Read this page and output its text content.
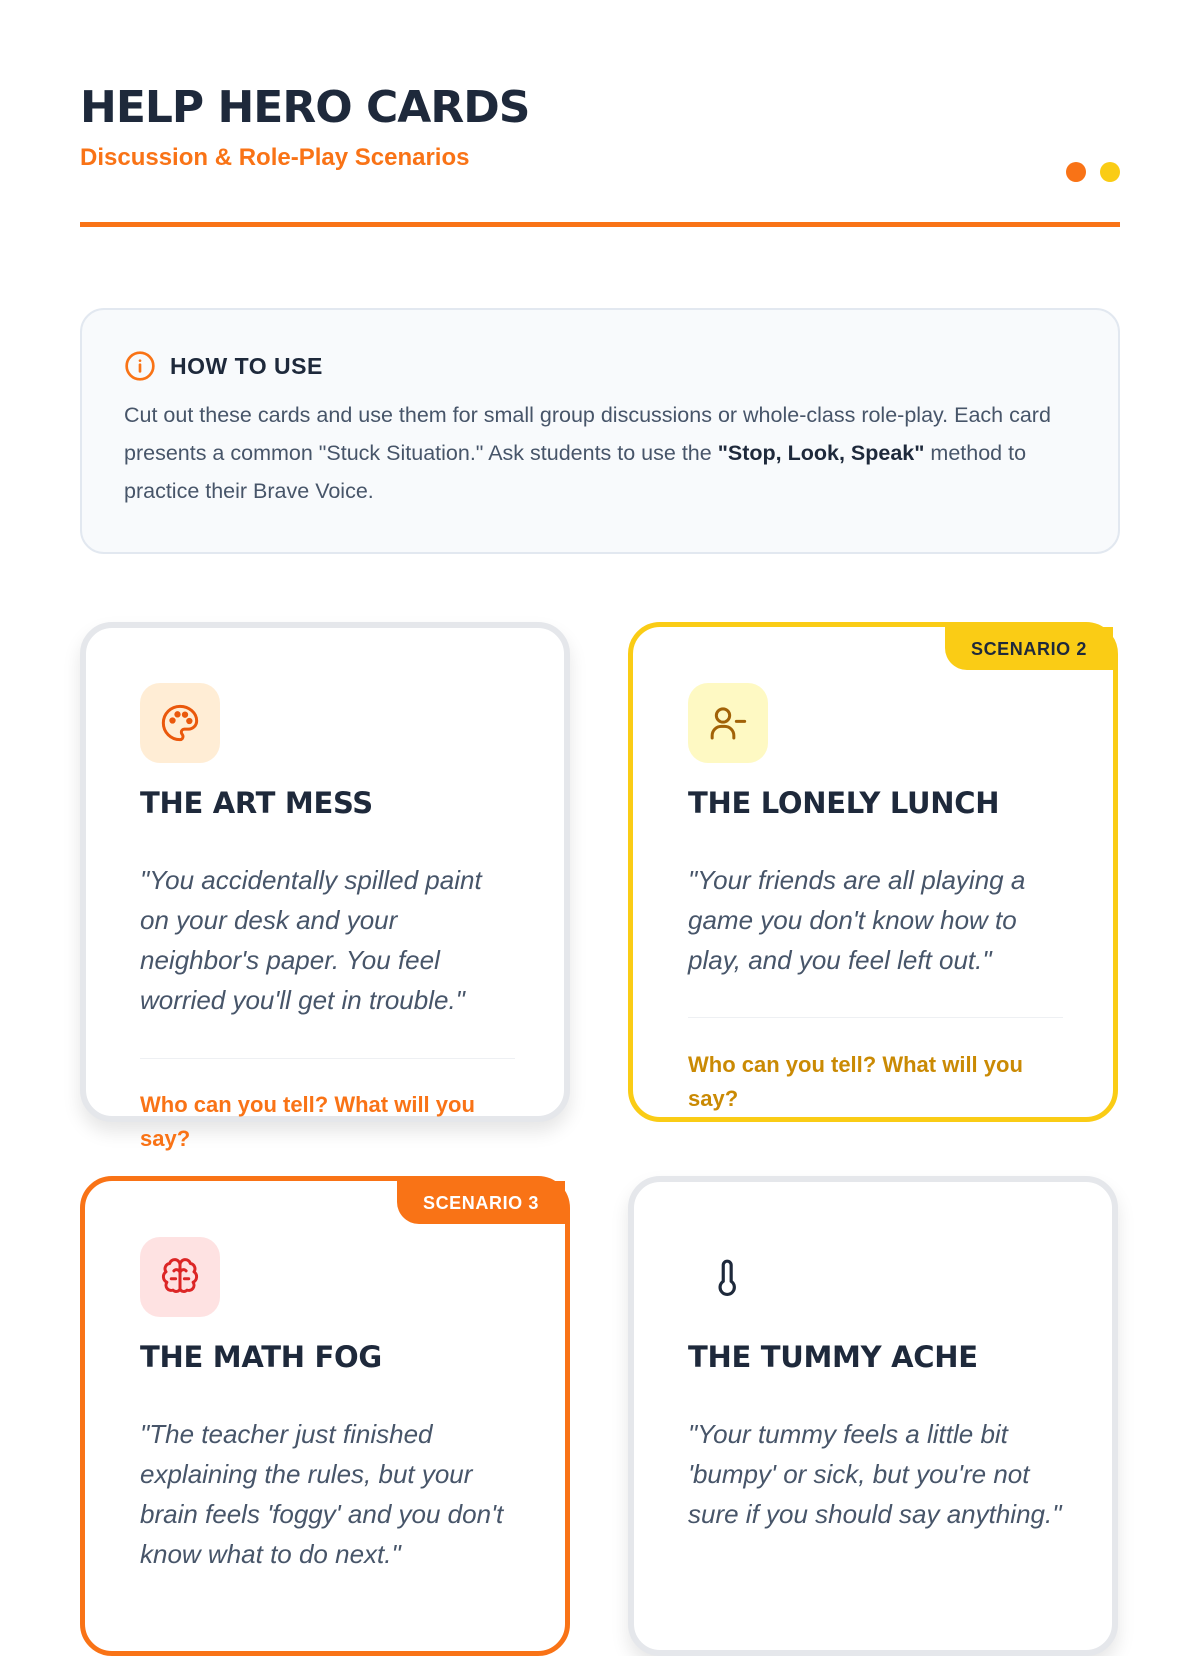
HELP HERO CARDS
Discussion & Role-Play Scenarios
HOW TO USE

Cut out these cards and use them for small group discussions or whole-class role-play. Each card presents a common "Stuck Situation." Ask students to use the "Stop, Look, Speak" method to practice their Brave Voice.

THE ART MESS
"You accidentally spilled paint on your desk and your neighbor's paper. You feel worried you'll get in trouble."
Who can you tell? What will you say?
SCENARIO 2
THE LONELY LUNCH
"Your friends are all playing a game you don't know how to play, and you feel left out."
Who can you tell? What will you say?
SCENARIO 3
THE MATH FOG
"The teacher just finished explaining the rules, but your brain feels 'foggy' and you don't know what to do next."
THE TUMMY ACHE
"Your tummy feels a little bit 'bumpy' or sick, but you're not sure if you should say anything."
